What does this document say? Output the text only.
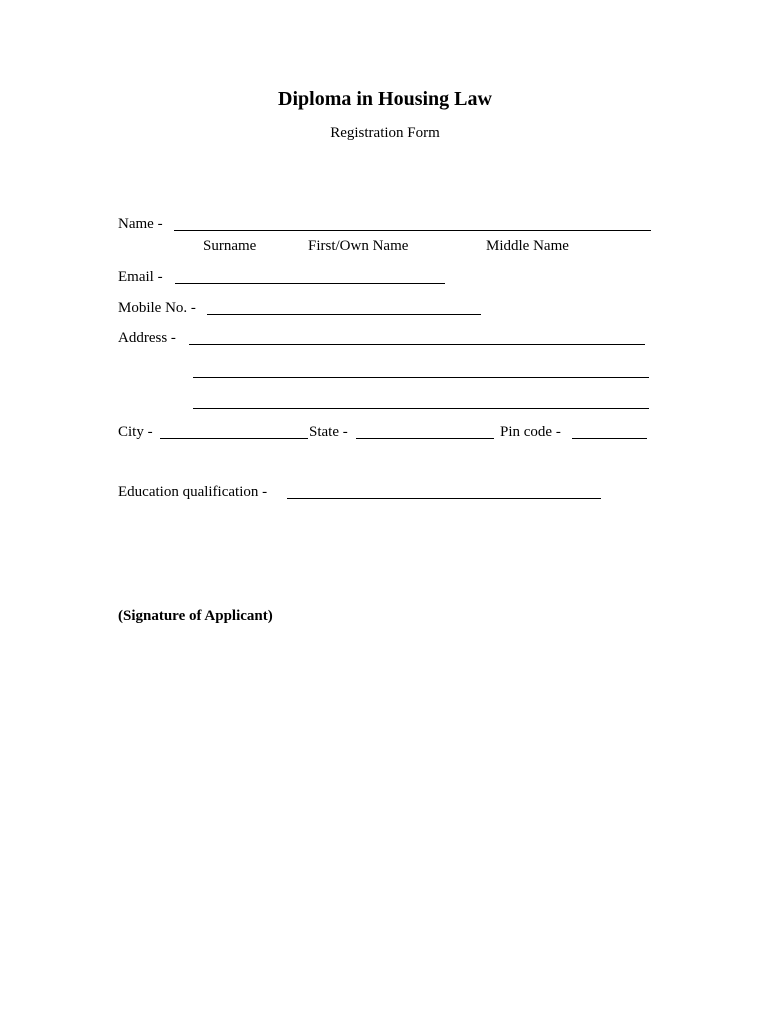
Diploma in Housing Law
Registration Form
Name -
Surname	First/Own Name	Middle Name
Email -
Mobile No. -
Address -
City -	State -	Pin code -
Education qualification -
(Signature of Applicant)
